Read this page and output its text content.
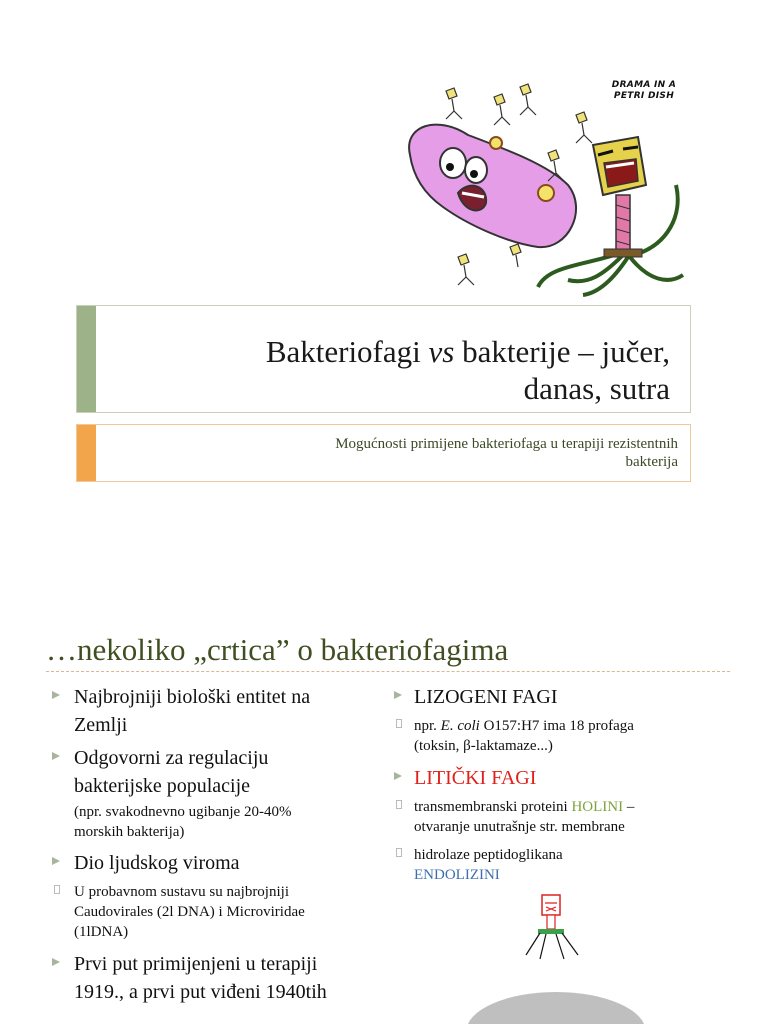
DRAMA IN A
PETRI DISH
Bakteriofagi vs bakterije – jučer,
danas, sutra
Mogućnosti primijene bakteriofaga u terapiji rezistentnih
bakterija
…nekoliko „crtica” o bakteriofagima
Najbrojniji biološki entitet na
Zemlji
Odgovorni za regulaciju
bakterijske populacije
(npr. svakodnevno ugibanje 20-40%
morskih bakterija)
Dio ljudskog viroma
U probavnom sustavu su najbrojniji
Caudovirales (2l DNA) i Microviridae
(1lDNA)
Prvi put primijenjeni u terapiji
1919., a prvi put viđeni 1940tih
LIZOGENI FAGI
npr. E. coli O157:H7 ima 18 profaga
(toksin, β-laktamaze...)
LITIČKI FAGI
transmembranski proteini HOLINI –
otvaranje unutrašnje str. membrane
hidrolaze peptidoglikana
ENDOLIZINI
